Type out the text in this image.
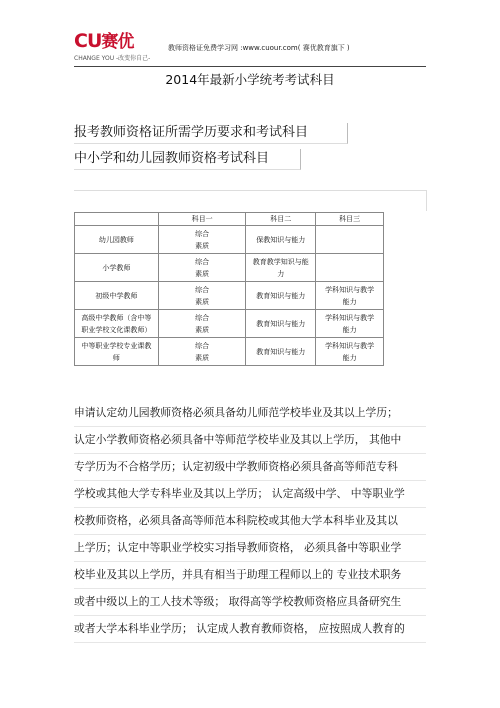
CU赛优
CHANGE YOU -改变你自己-
教师资格证免费学习网 :www.cuour.com( 赛优教育旗下 )
2014年最新小学统考考试科目
报考教师资格证所需学历要求和考试科目
中小学和幼儿园教师资格考试科目
	科目一	科目二	科目三
幼儿园教师	综合
素质	保教知识与能力	
小学教师	综合
素质	教育教学知识与能
力	
初级中学教师	综合
素质	教育知识与能力	学科知识与教学
能力
高级中学教师（含中等
职业学校文化课教师）	综合
素质	教育知识与能力	学科知识与教学
能力
中等职业学校专业课教
师	综合
素质	教育知识与能力	学科知识与教学
能力
申请认定幼儿园教师资格必须具备幼儿师范学校毕业及其以上学历；
认定小学教师资格必须具备中等师范学校毕业及其以上学历， 其他中
专学历为不合格学历；认定初级中学教师资格必须具备高等师范专科
学校或其他大学专科毕业及其以上学历； 认定高级中学、 中等职业学
校教师资格，必须具备高等师范本科院校或其他大学本科毕业及其以
上学历；认定中等职业学校实习指导教师资格， 必须具备中等职业学
校毕业及其以上学历，并具有相当于助理工程师以上的 专业技术职务
或者中级以上的工人技术等级； 取得高等学校教师资格应具备研究生
或者大学本科毕业学历； 认定成人教育教师资格， 应按照成人教育的
